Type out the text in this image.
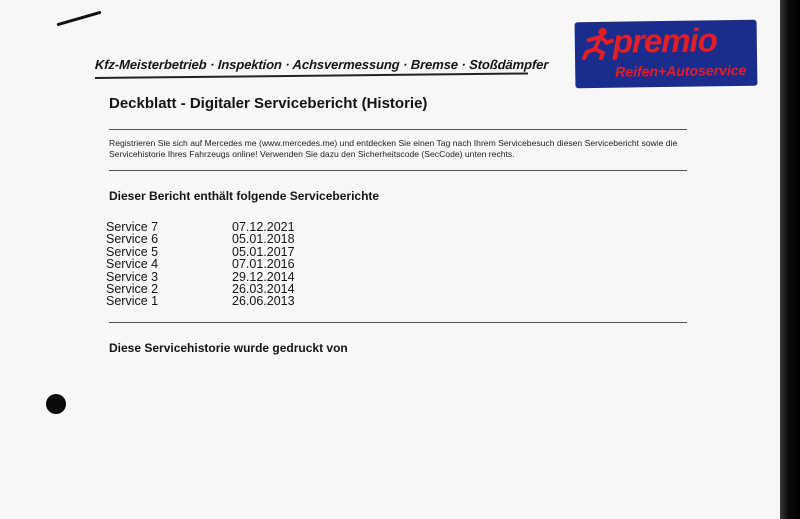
Kfz-Meisterbetrieb · Inspektion · Achsvermessung · Bremse · Stoßdämpfer
premio
Reifen+Autoservice
Deckblatt - Digitaler Servicebericht (Historie)
Registrieren Sie sich auf Mercedes me (www.mercedes.me) und entdecken Sie einen Tag nach Ihrem Servicebesuch diesen Servicebericht sowie die Servicehistorie Ihres Fahrzeugs online! Verwenden Sie dazu den Sicherheitscode (SecCode) unten rechts.
Dieser Bericht enthält folgende Serviceberichte
Service 7	07.12.2021
Service 6	05.01.2018
Service 5	05.01.2017
Service 4	07.01.2016
Service 3	29.12.2014
Service 2	26.03.2014
Service 1	26.06.2013
Diese Servicehistorie wurde gedruckt von
